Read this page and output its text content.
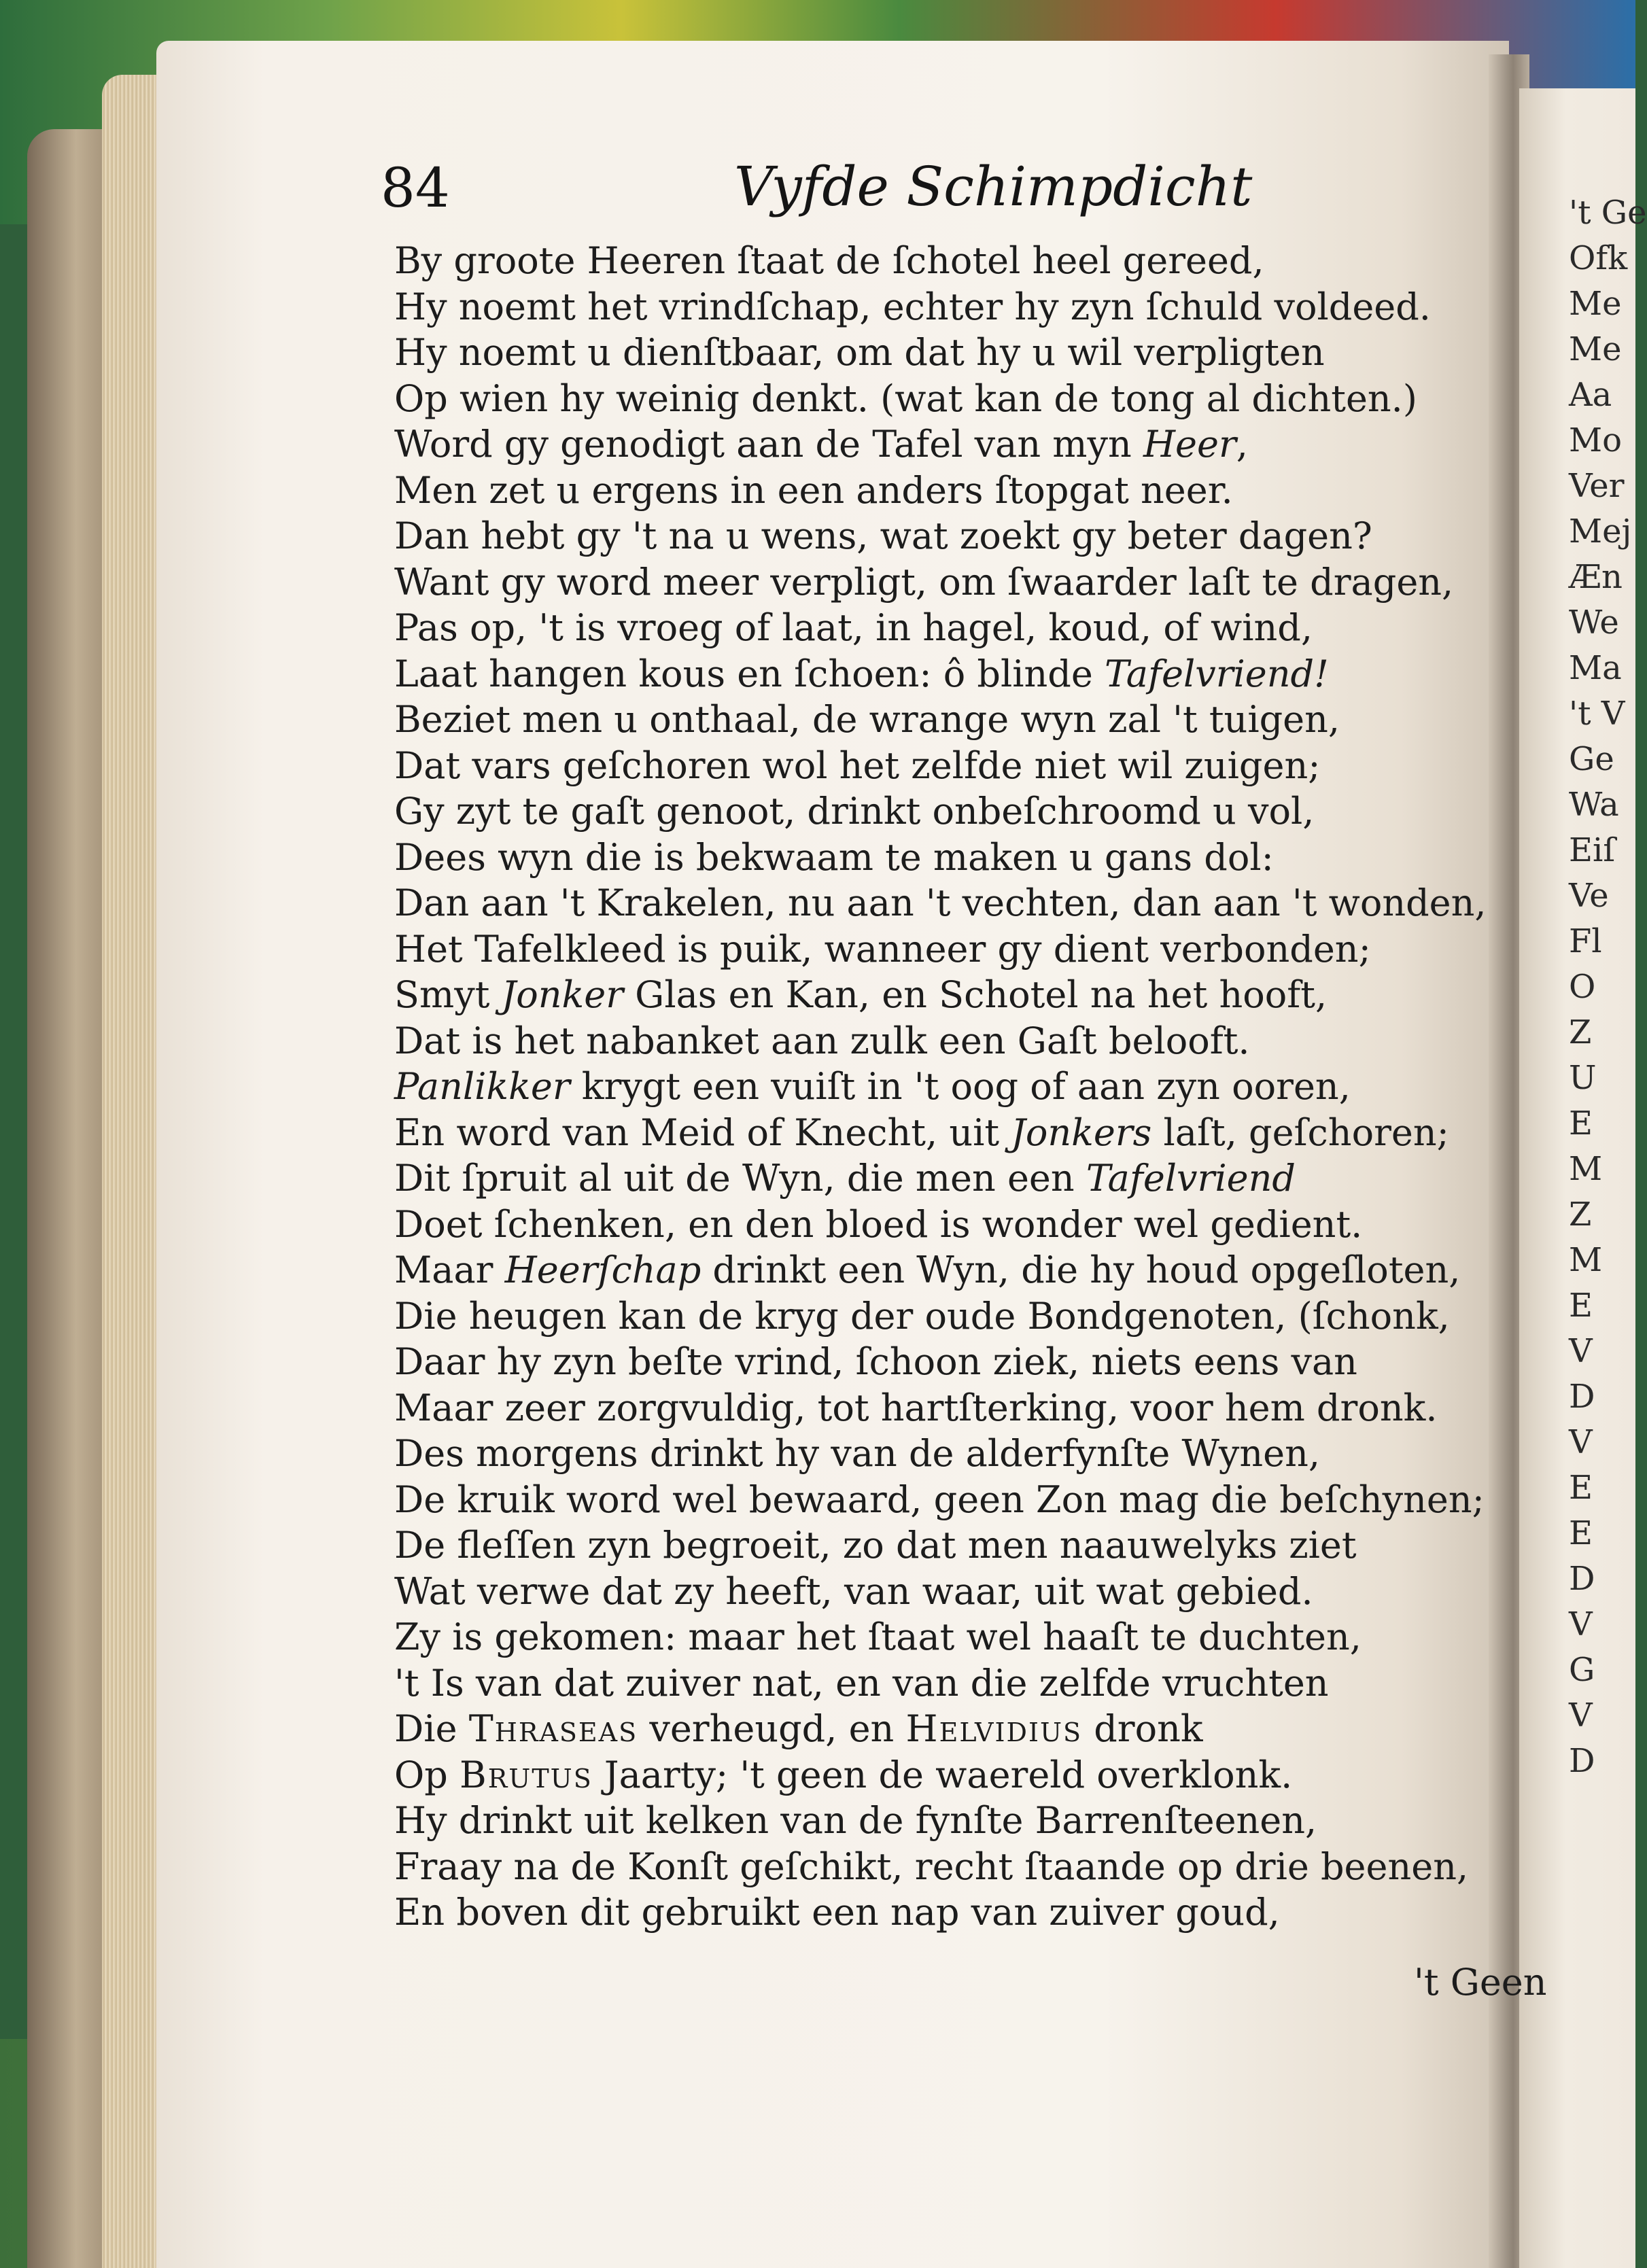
84	Vyfde Schimpdicht
By groote Heeren ſtaat de ſchotel heel gereed,
Hy noemt het vrindſchap, echter hy zyn ſchuld voldeed.
Hy noemt u dienſtbaar, om dat hy u wil verpligten
Op wien hy weinig denkt. (wat kan de tong al dichten.)
Word gy genodigt aan de Tafel van myn Heer,
Men zet u ergens in een anders ſtopgat neer.
Dan hebt gy 't na u wens, wat zoekt gy beter dagen?
Want gy word meer verpligt, om ſwaarder laſt te dragen,
Pas op, 't is vroeg of laat, in hagel, koud, of wind,
Laat hangen kous en ſchoen: ô blinde Tafelvriend!
Beziet men u onthaal, de wrange wyn zal 't tuigen,
Dat vars geſchoren wol het zelfde niet wil zuigen;
Gy zyt te gaſt genoot, drinkt onbeſchroomd u vol,
Dees wyn die is bekwaam te maken u gans dol:
Dan aan 't Krakelen, nu aan 't vechten, dan aan 't wonden,
Het Tafelkleed is puik, wanneer gy dient verbonden;
Smyt Jonker Glas en Kan, en Schotel na het hooft,
Dat is het nabanket aan zulk een Gaſt belooft.
Panlikker krygt een vuiſt in 't oog of aan zyn ooren,
En word van Meid of Knecht, uit Jonkers laſt, geſchoren;
Dit ſpruit al uit de Wyn, die men een Tafelvriend
Doet ſchenken, en den bloed is wonder wel gedient.
Maar Heerſchap drinkt een Wyn, die hy houd opgeſloten,
Die heugen kan de kryg der oude Bondgenoten, (ſchonk,
Daar hy zyn beſte vrind, ſchoon ziek, niets eens van
Maar zeer zorgvuldig, tot hartſterking, voor hem dronk.
Des morgens drinkt hy van de alderfynſte Wynen,
De kruik word wel bewaard, geen Zon mag die beſchynen;
De fleſſen zyn begroeit, zo dat men naauwelyks ziet
Wat verwe dat zy heeft, van waar, uit wat gebied.
Zy is gekomen: maar het ſtaat wel haaſt te duchten,
't Is van dat zuiver nat, en van die zelfde vruchten
Die Thraseas verheugd, en Helvidius dronk
Op Brutus Jaarty; 't geen de waereld overklonk.
Hy drinkt uit kelken van de fynſte Barrenſteenen,
Fraay na de Konſt geſchikt, recht ſtaande op drie beenen,
En boven dit gebruikt een nap van zuiver goud,
't Geen
't Ge
Ofk
Me
Me
Aa
Mo
Ver
Mej
Æn
We
Ma
't V
Ge
Wa
Eiſ
Ve
Fl
O
Z
U
E
M
Z
M
E
V
D
V
E
E
D
V
G
V
D
